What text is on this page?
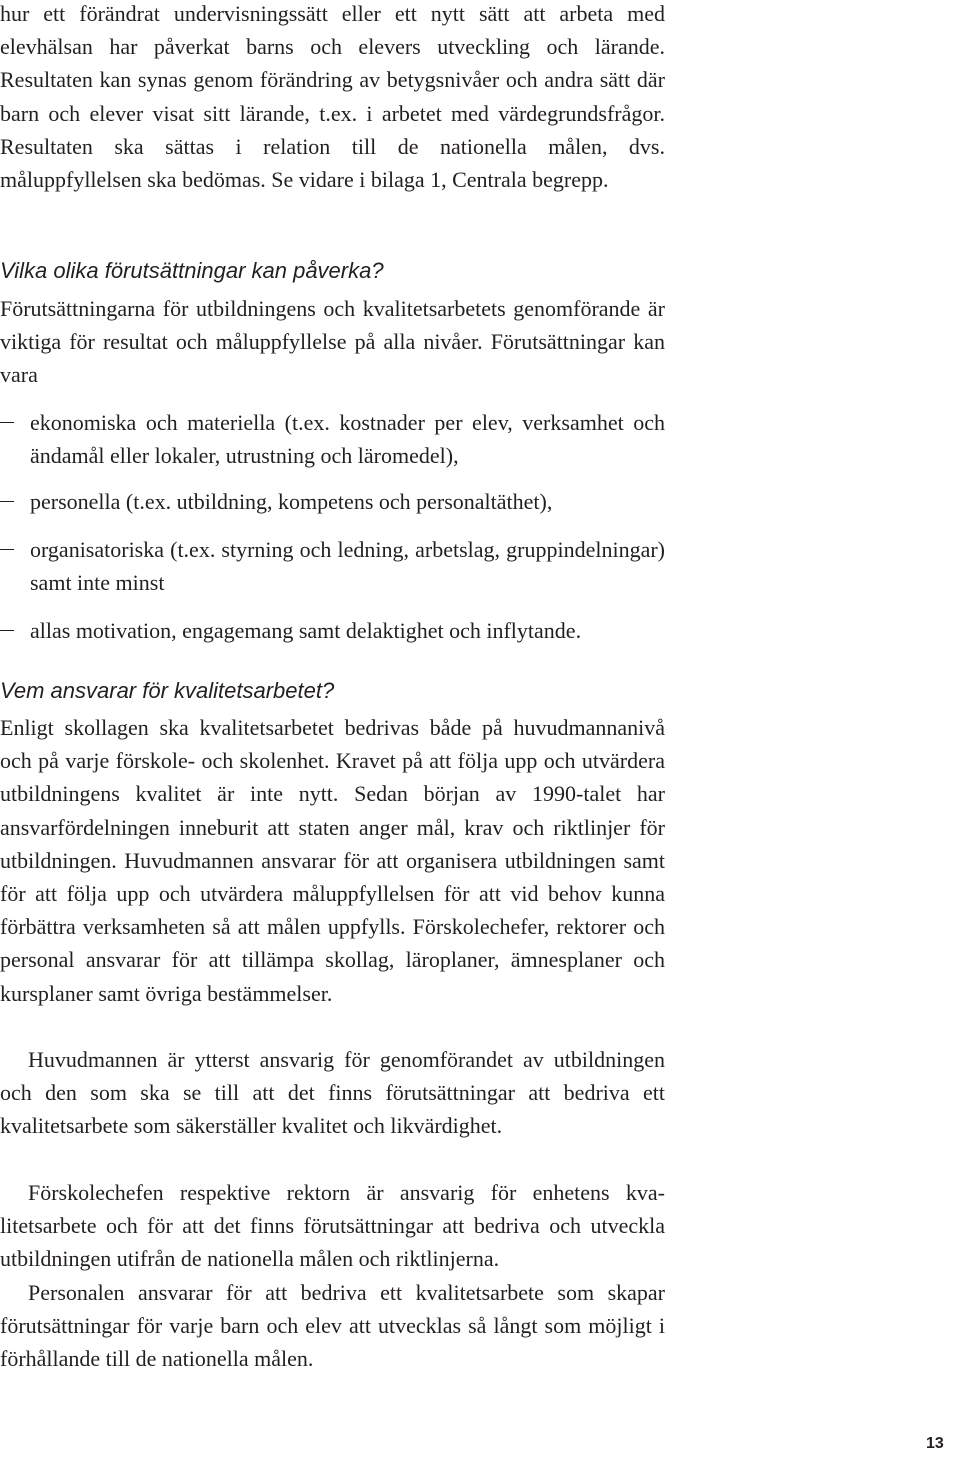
hur ett förändrat undervisningssätt eller ett nytt sätt att arbeta med elevhälsan har påverkat barns och elevers utveckling och lärande. Resultaten kan synas genom förändring av betygsnivåer och andra sätt där barn och elever visat sitt lärande, t.ex. i arbetet med värdegrundsfrågor. Resultaten ska sättas i relation till de nationella målen, dvs. måluppfyllelsen ska bedömas. Se vidare i bilaga 1, Centrala begrepp.

Vilka olika förutsättningar kan påverka?

Förutsättningarna för utbildningens och kvalitetsarbetets genomförande är viktiga för resultat och måluppfyllelse på alla nivåer. Förutsättningar kan vara

ekonomiska och materiella (t.ex. kostnader per elev, verksamhet och ändamål eller lokaler, utrustning och läromedel),
personella (t.ex. utbildning, kompetens och personaltäthet),
organisatoriska (t.ex. styrning och ledning, arbetslag, gruppindelningar) samt inte minst
allas motivation, engagemang samt delaktighet och inflytande.
Vem ansvarar för kvalitetsarbetet?

Enligt skollagen ska kvalitetsarbetet bedrivas både på huvudmannanivå och på varje förskole- och skolenhet. Kravet på att följa upp och utvärdera utbildningens kvalitet är inte nytt. Sedan början av 1990-talet har ansvarfördelningen inneburit att staten anger mål, krav och riktlinjer för utbildningen. Huvudmannen ansvarar för att organisera utbildningen samt för att följa upp och utvärdera måluppfyllelsen för att vid behov kunna förbättra verksamheten så att målen uppfylls. Förskolechefer, rektorer och personal ansvarar för att tillämpa skollag, läroplaner, ämnesplaner och kursplaner samt övriga bestämmelser.

Huvudmannen är ytterst ansvarig för genomförandet av utbildningen och den som ska se till att det finns förutsättningar att bedriva ett kvalitetsarbete som säkerställer kvalitet och likvärdighet.

Förskolechefen respektive rektorn är ansvarig för enhetens kvalitetsarbete och för att det finns förutsättningar att bedriva och utveckla utbildningen utifrån de nationella målen och riktlinjerna.

Personalen ansvarar för att bedriva ett kvalitetsarbete som skapar förutsättningar för varje barn och elev att utvecklas så långt som möjligt i förhållande till de nationella målen.

13
